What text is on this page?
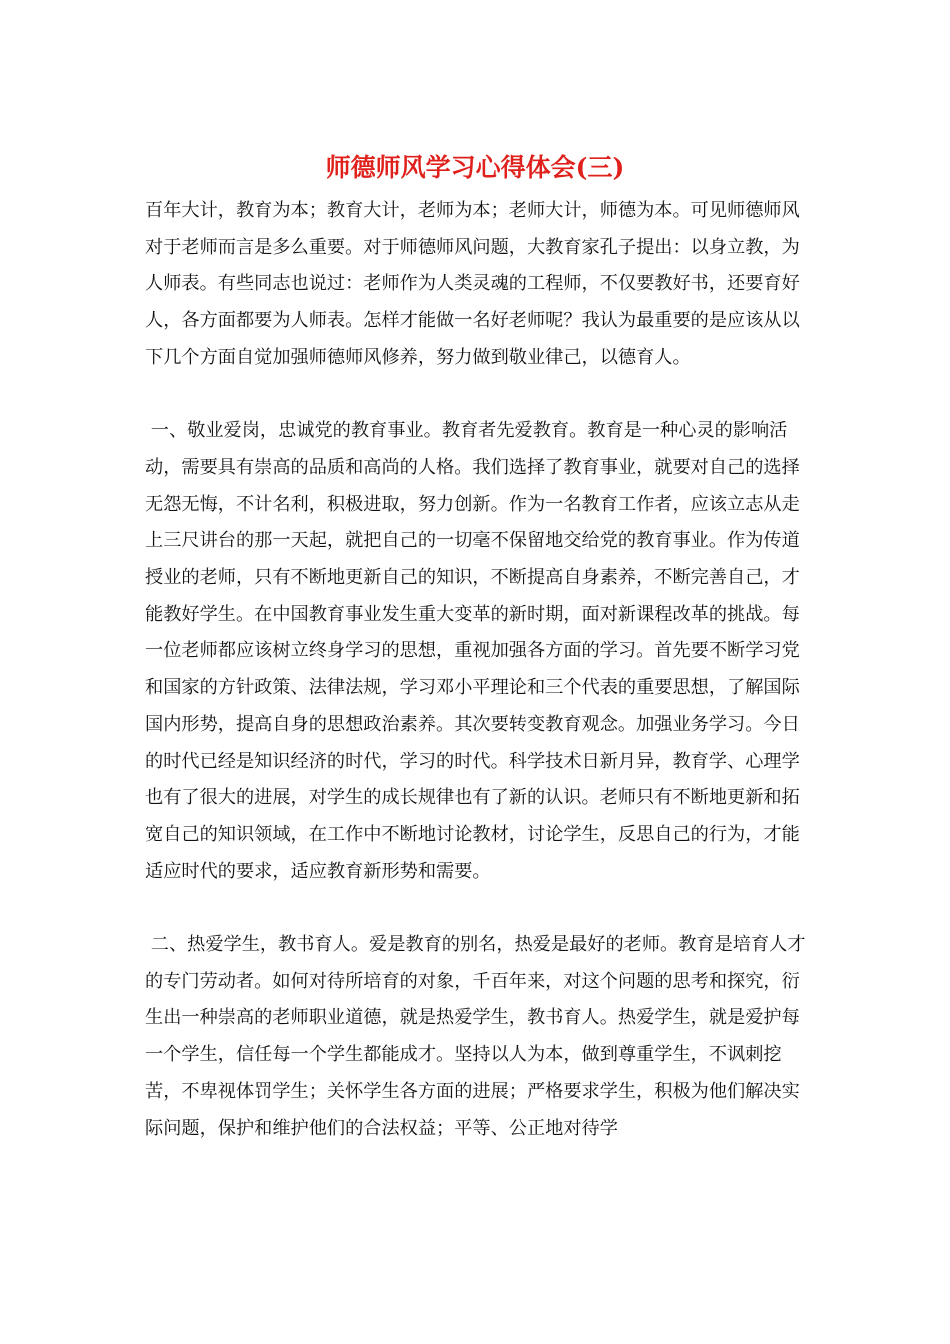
师德师风学习心得体会(三)

百年大计，教育为本；教育大计，老师为本；老师大计，师德为本。可见师德师风对于老师而言是多么重要。对于师德师风问题，大教育家孔子提出：以身立教，为人师表。有些同志也说过：老师作为人类灵魂的工程师，不仅要教好书，还要育好人，各方面都要为人师表。怎样才能做一名好老师呢？我认为最重要的是应该从以下几个方面自觉加强师德师风修养，努力做到敬业律己，以德育人。

一、敬业爱岗，忠诚党的教育事业。教育者先爱教育。教育是一种心灵的影响活动，需要具有崇高的品质和高尚的人格。我们选择了教育事业，就要对自己的选择无怨无悔，不计名利，积极进取，努力创新。作为一名教育工作者，应该立志从走上三尺讲台的那一天起，就把自己的一切毫不保留地交给党的教育事业。作为传道授业的老师，只有不断地更新自己的知识，不断提高自身素养，不断完善自己，才能教好学生。在中国教育事业发生重大变革的新时期，面对新课程改革的挑战。每一位老师都应该树立终身学习的思想，重视加强各方面的学习。首先要不断学习党和国家的方针政策、法律法规，学习邓小平理论和三个代表的重要思想，了解国际国内形势，提高自身的思想政治素养。其次要转变教育观念。加强业务学习。今日的时代已经是知识经济的时代，学习的时代。科学技术日新月异，教育学、心理学也有了很大的进展，对学生的成长规律也有了新的认识。老师只有不断地更新和拓宽自己的知识领域，在工作中不断地讨论教材，讨论学生，反思自己的行为，才能适应时代的要求，适应教育新形势和需要。

二、热爱学生，教书育人。爱是教育的别名，热爱是最好的老师。教育是培育人才的专门劳动者。如何对待所培育的对象，千百年来，对这个问题的思考和探究，衍生出一种崇高的老师职业道德，就是热爱学生，教书育人。热爱学生，就是爱护每一个学生，信任每一个学生都能成才。坚持以人为本，做到尊重学生，不讽刺挖苦，不卑视体罚学生；关怀学生各方面的进展；严格要求学生，积极为他们解决实际问题，保护和维护他们的合法权益；平等、公正地对待学
